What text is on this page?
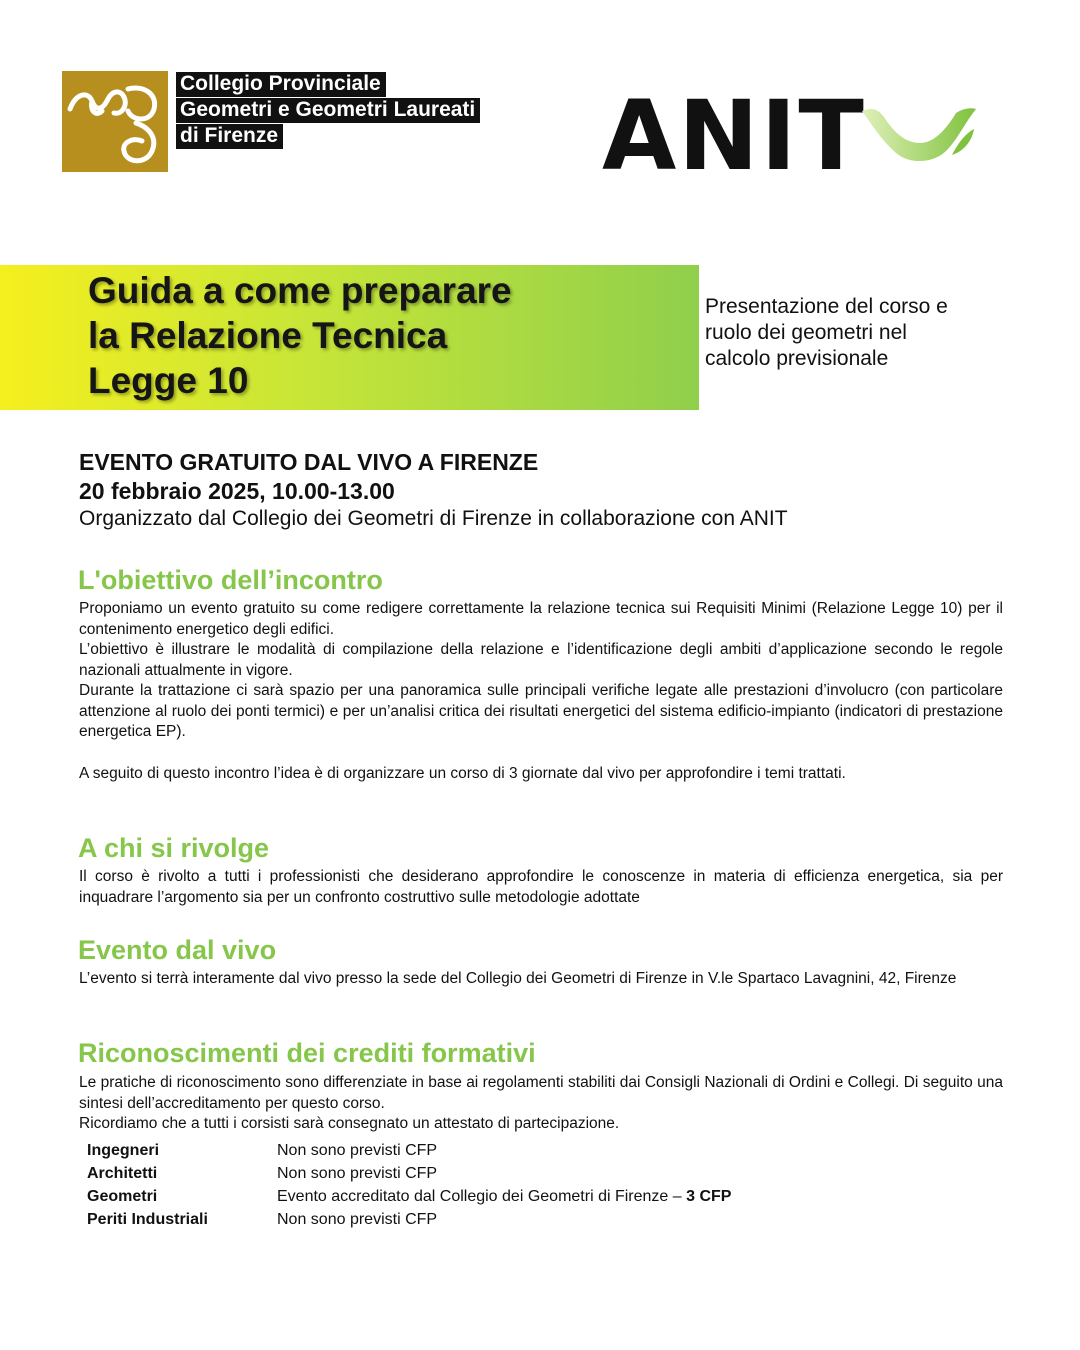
Collegio Provinciale
Geometri e Geometri Laureati
di Firenze	ANIT
Guida a come preparare
la Relazione Tecnica
Legge 10
Presentazione del corso e
ruolo dei geometri nel
calcolo previsionale
EVENTO GRATUITO DAL VIVO A FIRENZE
20 febbraio 2025, 10.00-13.00
Organizzato dal Collegio dei Geometri di Firenze in collaborazione con ANIT
L'obiettivo dell’incontro

Proponiamo un evento gratuito su come redigere correttamente la relazione tecnica sui Requisiti Minimi (Relazione Legge 10) per il contenimento energetico degli edifici.

L’obiettivo è illustrare le modalità di compilazione della relazione e l’identificazione degli ambiti d’applicazione secondo le regole nazionali attualmente in vigore.

Durante la trattazione ci sarà spazio per una panoramica sulle principali verifiche legate alle prestazioni d’involucro (con particolare attenzione al ruolo dei ponti termici) e per un’analisi critica dei risultati energetici del sistema edificio-impianto (indicatori di prestazione energetica EP).

A seguito di questo incontro l’idea è di organizzare un corso di 3 giornate dal vivo per approfondire i temi trattati.

A chi si rivolge

Il corso è rivolto a tutti i professionisti che desiderano approfondire le conoscenze in materia di efficienza energetica, sia per inquadrare l’argomento sia per un confronto costruttivo sulle metodologie adottate

Evento dal vivo

L’evento si terrà interamente dal vivo presso la sede del Collegio dei Geometri di Firenze in V.le Spartaco Lavagnini, 42, Firenze

Riconoscimenti dei crediti formativi

Le pratiche di riconoscimento sono differenziate in base ai regolamenti stabiliti dai Consigli Nazionali di Ordini e Collegi. Di seguito una sintesi dell’accreditamento per questo corso.

Ricordiamo che a tutti i corsisti sarà consegnato un attestato di partecipazione.

Ingegneri	Non sono previsti CFP
Architetti	Non sono previsti CFP
Geometri	Evento accreditato dal Collegio dei Geometri di Firenze – 3 CFP
Periti Industriali	Non sono previsti CFP
